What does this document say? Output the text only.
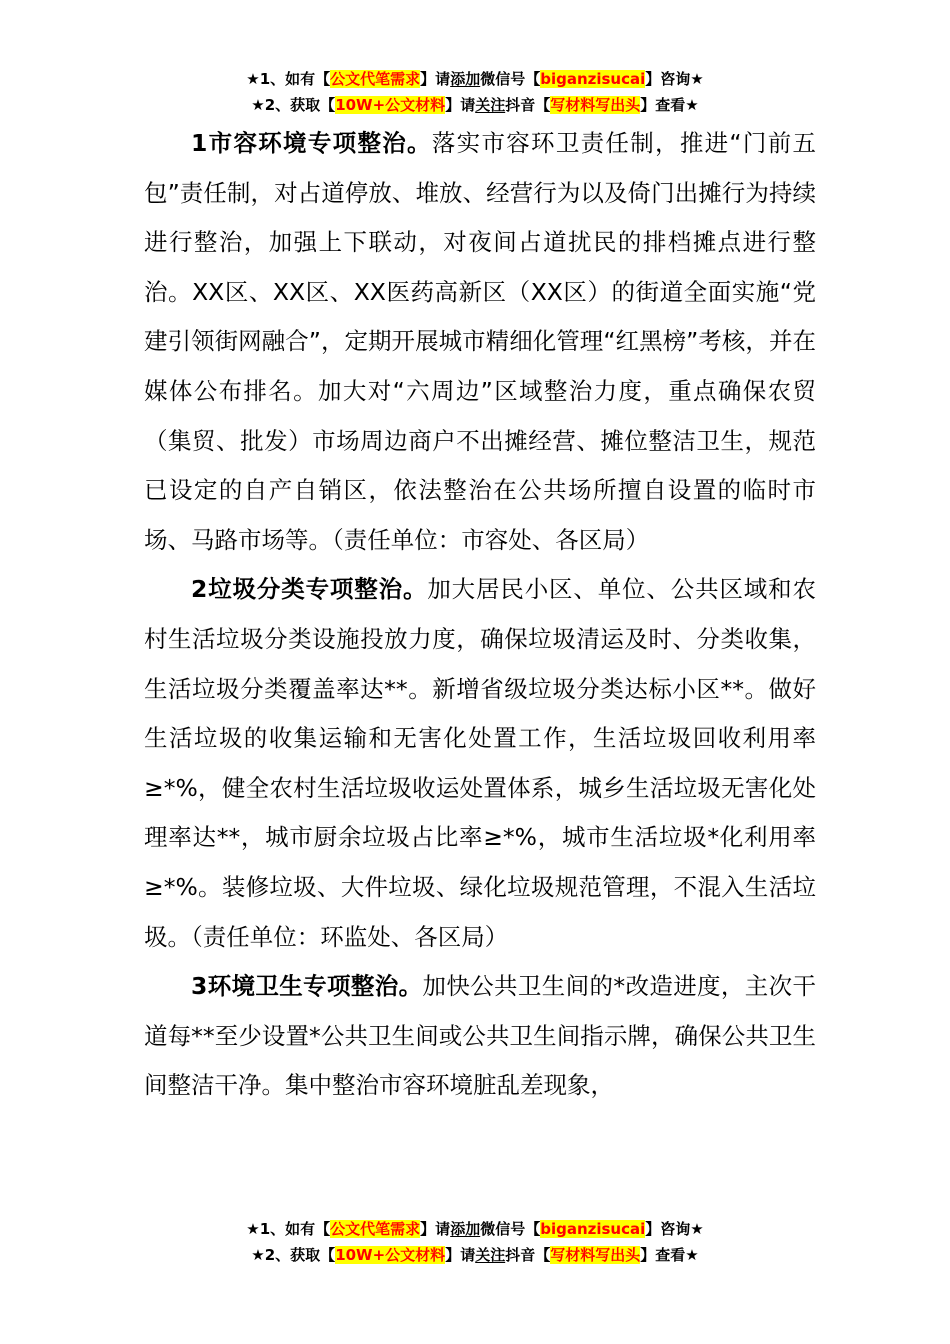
★1、如有【公文代笔需求】请添加微信号【biganzisucai】咨询★
★2、获取【10W+公文材料】请关注抖音【写材料写出头】查看★

1市容环境专项整治。落实市容环卫责任制，推进“门前五包”责任制，对占道停放、堆放、经营行为以及倚门出摊行为持续进行整治，加强上下联动，对夜间占道扰民的排档摊点进行整治。XX区、XX区、XX医药高新区（XX区）的街道全面实施“党建引领街网融合”，定期开展城市精细化管理“红黑榜”考核，并在媒体公布排名。加大对“六周边”区域整治力度，重点确保农贸（集贸、批发）市场周边商户不出摊经营、摊位整洁卫生，规范已设定的自产自销区，依法整治在公共场所擅自设置的临时市场、马路市场等。（责任单位：市容处、各区局）

2垃圾分类专项整治。加大居民小区、单位、公共区域和农村生活垃圾分类设施投放力度，确保垃圾清运及时、分类收集，生活垃圾分类覆盖率达**。新增省级垃圾分类达标小区**。做好生活垃圾的收集运输和无害化处置工作，生活垃圾回收利用率≥*%，健全农村生活垃圾收运处置体系，城乡生活垃圾无害化处理率达**，城市厨余垃圾占比率≥*%，城市生活垃圾*化利用率≥*%。装修垃圾、大件垃圾、绿化垃圾规范管理，不混入生活垃圾。（责任单位：环监处、各区局）

3环境卫生专项整治。加快公共卫生间的*改造进度，主次干道每**至少设置*公共卫生间或公共卫生间指示牌，确保公共卫生间整洁干净。集中整治市容环境脏乱差现象，

★1、如有【公文代笔需求】请添加微信号【biganzisucai】咨询★
★2、获取【10W+公文材料】请关注抖音【写材料写出头】查看★
